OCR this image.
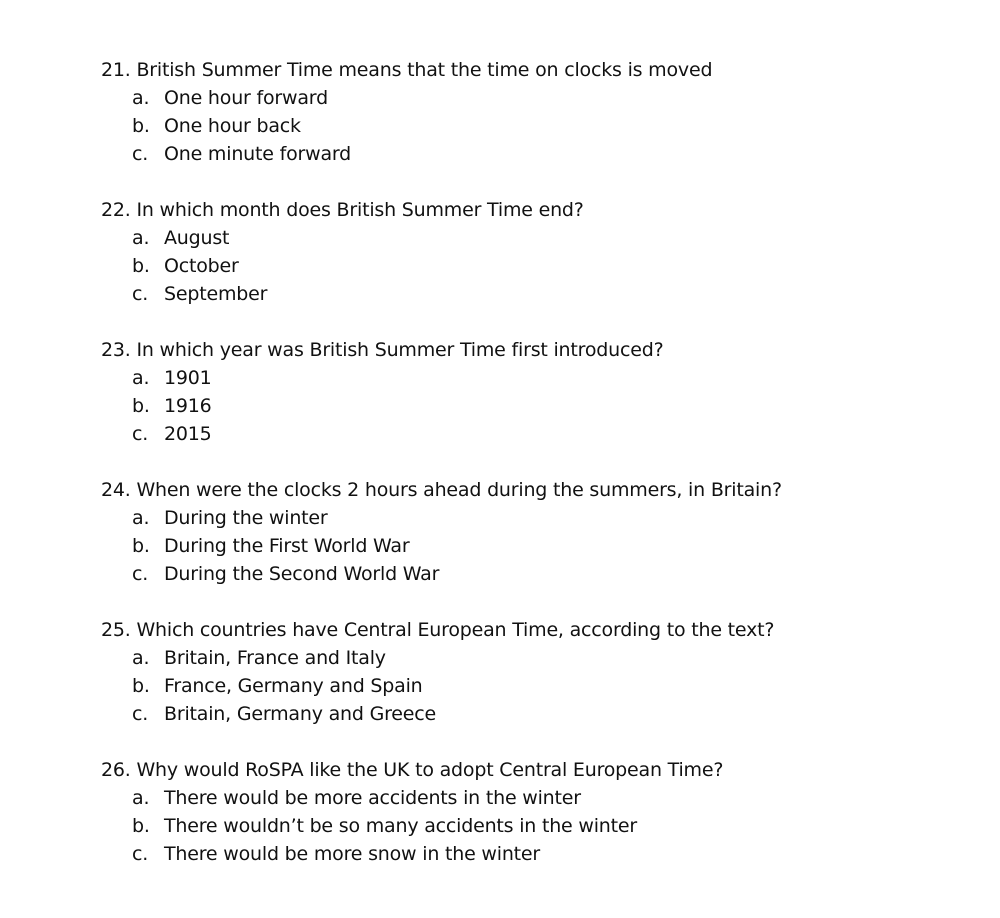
21. British Summer Time means that the time on clocks is moved
a. One hour forward
b. One hour back
c. One minute forward
22. In which month does British Summer Time end?
a. August
b. October
c. September
23. In which year was British Summer Time first introduced?
a. 1901
b. 1916
c. 2015
24. When were the clocks 2 hours ahead during the summers, in Britain?
a. During the winter
b. During the First World War
c. During the Second World War
25. Which countries have Central European Time, according to the text?
a. Britain, France and Italy
b. France, Germany and Spain
c. Britain, Germany and Greece
26. Why would RoSPA like the UK to adopt Central European Time?
a. There would be more accidents in the winter
b. There wouldn’t be so many accidents in the winter
c. There would be more snow in the winter
